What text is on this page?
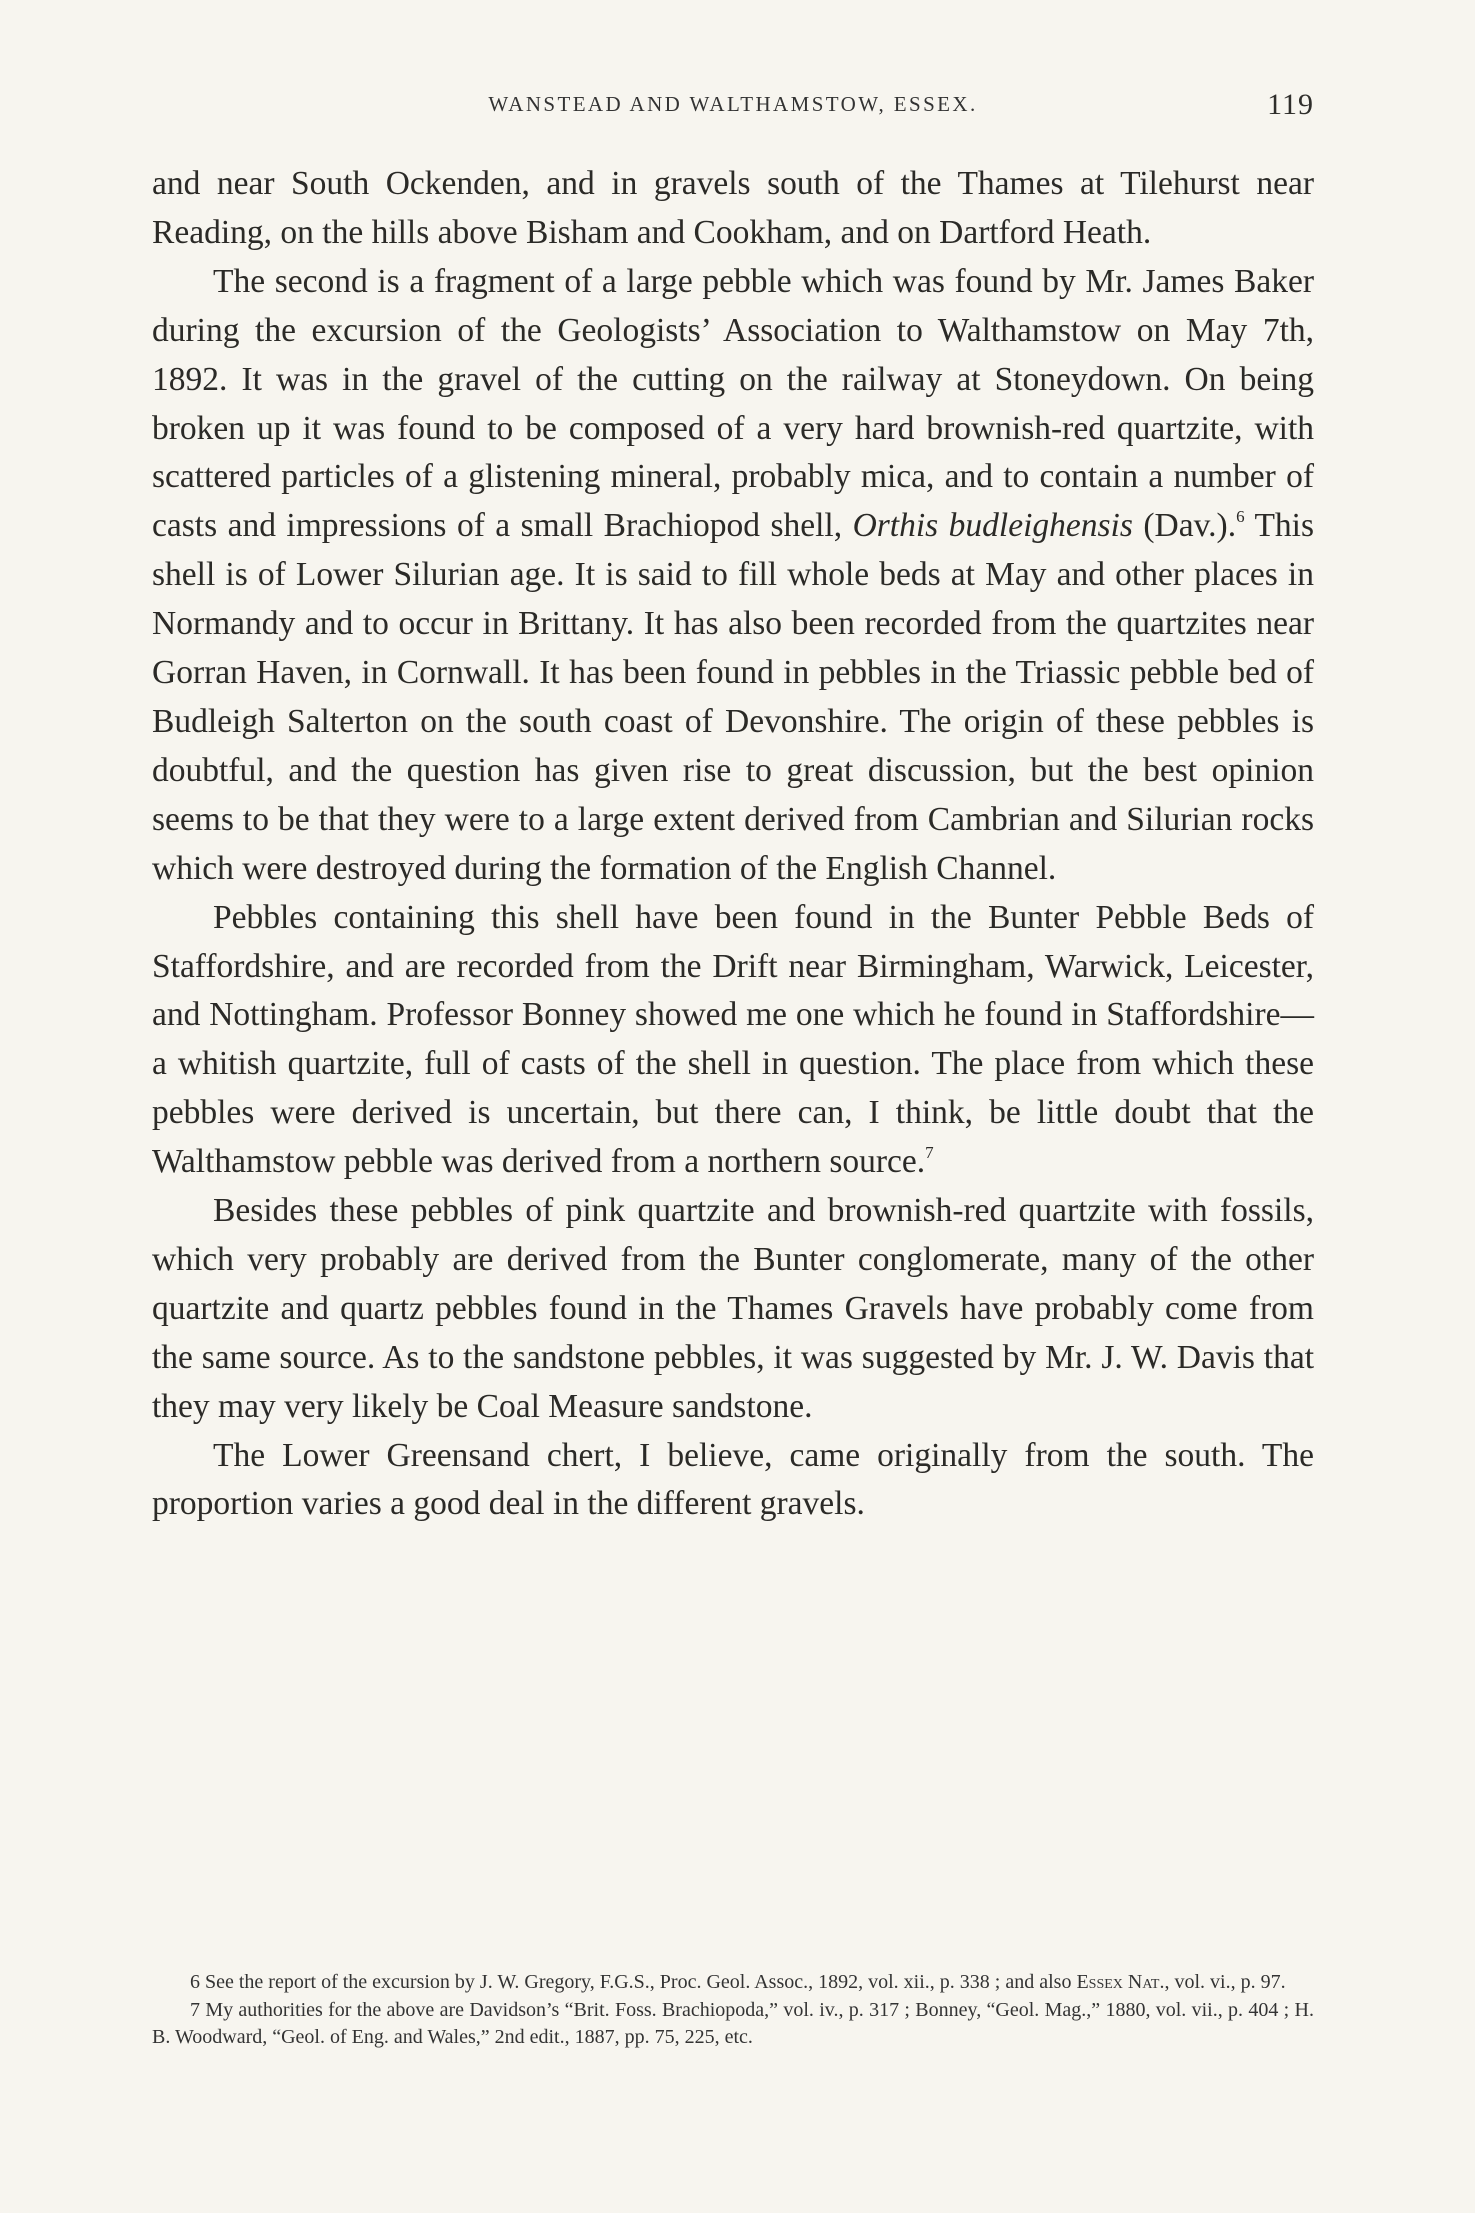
WANSTEAD AND WALTHAMSTOW, ESSEX.	119

and near South Ockenden, and in gravels south of the Thames at Tilehurst near Reading, on the hills above Bisham and Cookham, and on Dartford Heath.

The second is a fragment of a large pebble which was found by Mr. James Baker during the excursion of the Geologists’ Association to Walthamstow on May 7th, 1892. It was in the gravel of the cutting on the railway at Stoneydown. On being broken up it was found to be composed of a very hard brownish-red quartzite, with scattered particles of a glistening mineral, probably mica, and to contain a number of casts and impressions of a small Brachiopod shell, Orthis budleighensis (Dav.).$^6$ This shell is of Lower Silurian age. It is said to fill whole beds at May and other places in Normandy and to occur in Brittany. It has also been recorded from the quartzites near Gorran Haven, in Cornwall. It has been found in pebbles in the Triassic pebble bed of Budleigh Salterton on the south coast of Devonshire. The origin of these pebbles is doubtful, and the question has given rise to great discussion, but the best opinion seems to be that they were to a large extent derived from Cambrian and Silurian rocks which were destroyed during the formation of the English Channel.

Pebbles containing this shell have been found in the Bunter Pebble Beds of Staffordshire, and are recorded from the Drift near Birmingham, Warwick, Leicester, and Nottingham. Professor Bonney showed me one which he found in Staffordshire—a whitish quartzite, full of casts of the shell in question. The place from which these pebbles were derived is uncertain, but there can, I think, be little doubt that the Walthamstow pebble was derived from a northern source.$^7$

Besides these pebbles of pink quartzite and brownish-red quartzite with fossils, which very probably are derived from the Bunter conglomerate, many of the other quartzite and quartz pebbles found in the Thames Gravels have probably come from the same source. As to the sandstone pebbles, it was suggested by Mr. J. W. Davis that they may very likely be Coal Measure sandstone.

The Lower Greensand chert, I believe, came originally from the south. The proportion varies a good deal in the different gravels.

6 See the report of the excursion by J. W. Gregory, F.G.S., Proc. Geol. Assoc., 1892, vol. xii., p. 338 ; and also Essex Nat., vol. vi., p. 97.

7 My authorities for the above are Davidson’s “Brit. Foss. Brachiopoda,” vol. iv., p. 317 ; Bonney, “Geol. Mag.,” 1880, vol. vii., p. 404 ; H. B. Woodward, “Geol. of Eng. and Wales,” 2nd edit., 1887, pp. 75, 225, etc.
